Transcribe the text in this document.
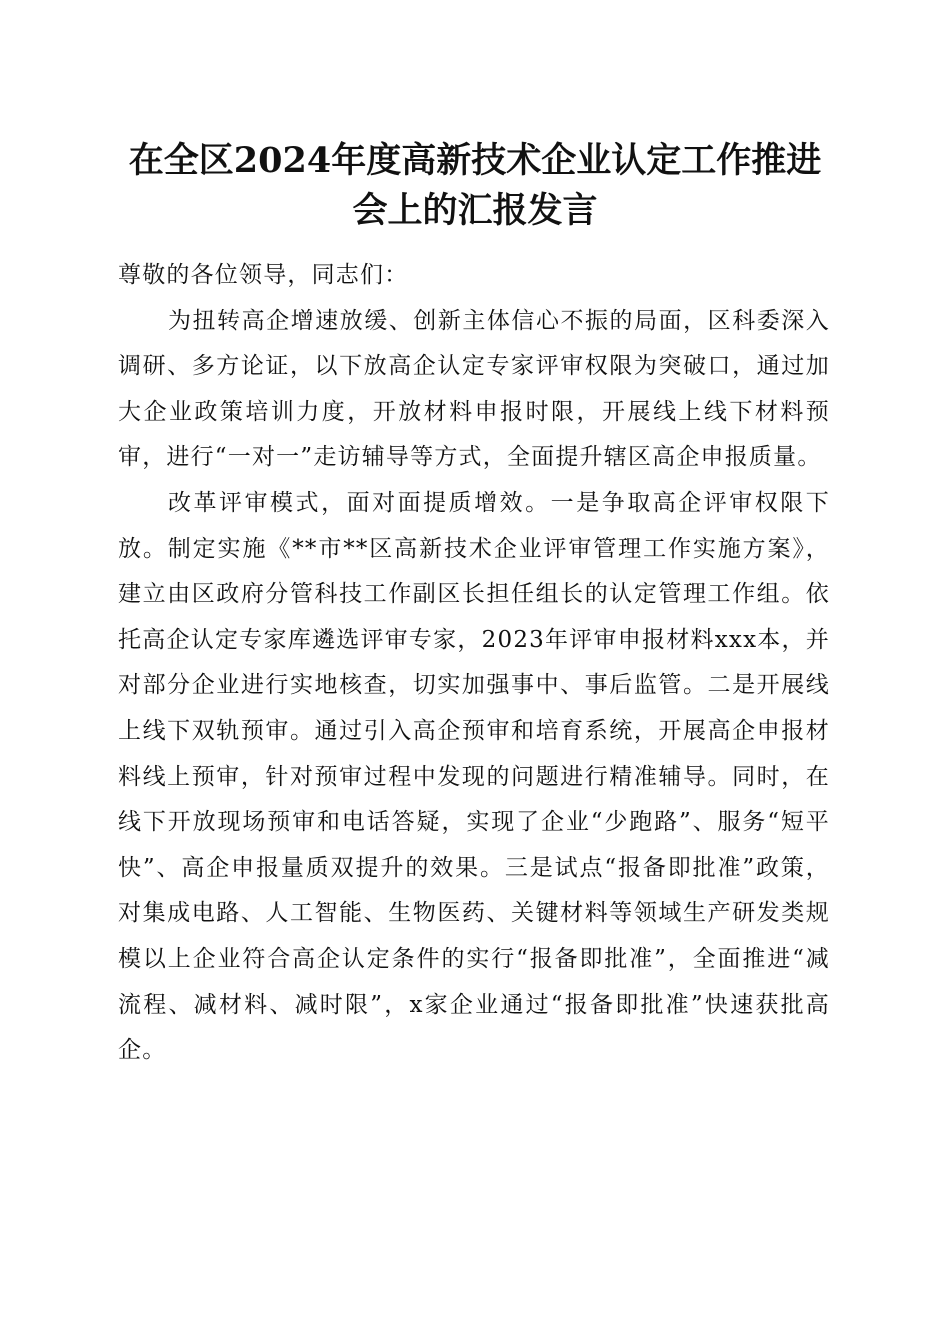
在全区2024年度高新技术企业认定工作推进
会上的汇报发言

尊敬的各位领导，同志们：

为扭转高企增速放缓、创新主体信心不振的局面，区科委深入调研、多方论证，以下放高企认定专家评审权限为突破口，通过加大企业政策培训力度，开放材料申报时限，开展线上线下材料预审，进行“一对一”走访辅导等方式，全面提升辖区高企申报质量。

改革评审模式，面对面提质增效。一是争取高企评审权限下放。制定实施《**市**区高新技术企业评审管理工作实施方案》，建立由区政府分管科技工作副区长担任组长的认定管理工作组。依托高企认定专家库遴选评审专家，2023年评审申报材料xxx本，并对部分企业进行实地核查，切实加强事中、事后监管。二是开展线上线下双轨预审。通过引入高企预审和培育系统，开展高企申报材料线上预审，针对预审过程中发现的问题进行精准辅导。同时，在线下开放现场预审和电话答疑，实现了企业“少跑路”、服务“短平快”、高企申报量质双提升的效果。三是试点“报备即批准”政策，对集成电路、人工智能、生物医药、关键材料等领域生产研发类规模以上企业符合高企认定条件的实行“报备即批准”，全面推进“减流程、减材料、减时限”，x家企业通过“报备即批准”快速获批高企。
